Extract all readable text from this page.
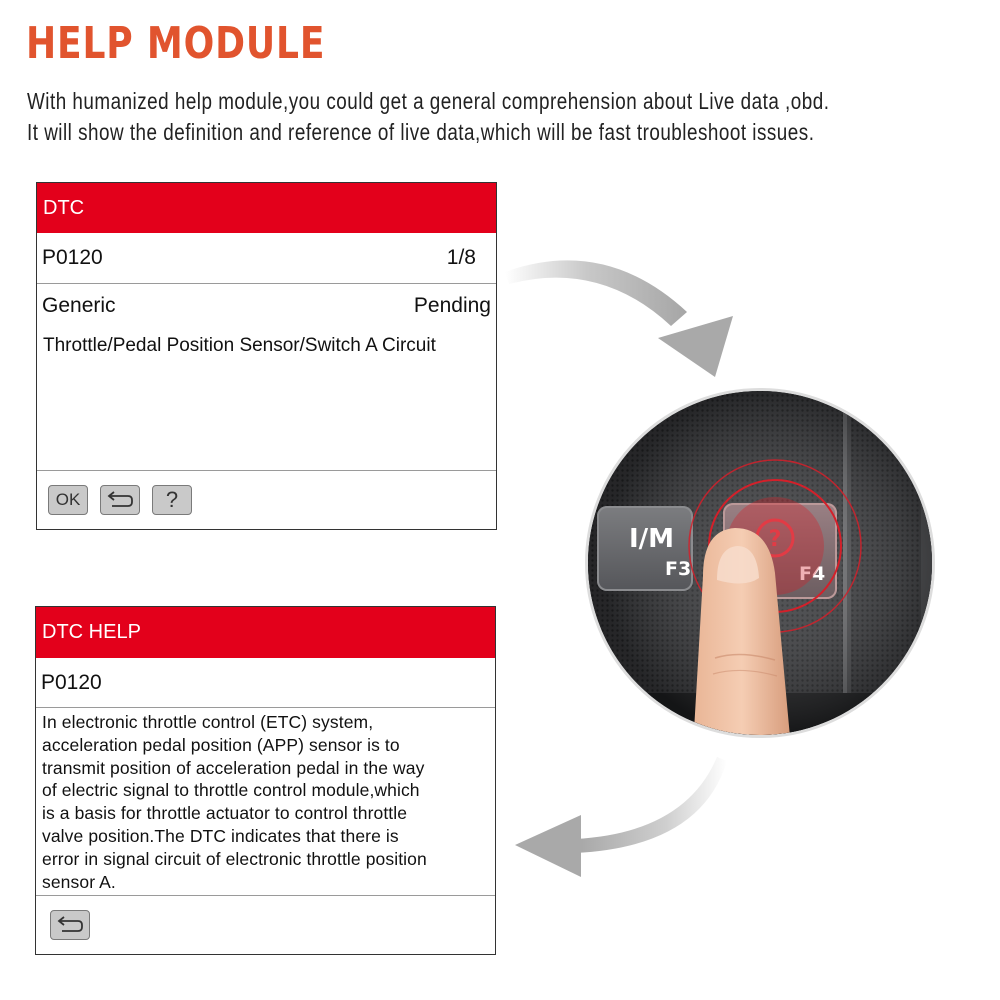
HELP MODULE
With humanized help module,you could get a general comprehension about Live data ,obd.
It will show the definition and reference of live data,which will be fast troubleshoot issues.
DTC
P0120	1/8
Generic	Pending
Throttle/Pedal Position Sensor/Switch A Circuit
OK	?
DTC HELP
P0120
In electronic throttle control (ETC) system,
acceleration pedal position (APP) sensor is to
transmit position of acceleration pedal in the way
of electric signal to throttle control module,which
is a basis for throttle actuator to control throttle
valve position.The DTC indicates that there is
error in signal circuit of electronic throttle position
sensor A.
I/M
F3	F4
?
